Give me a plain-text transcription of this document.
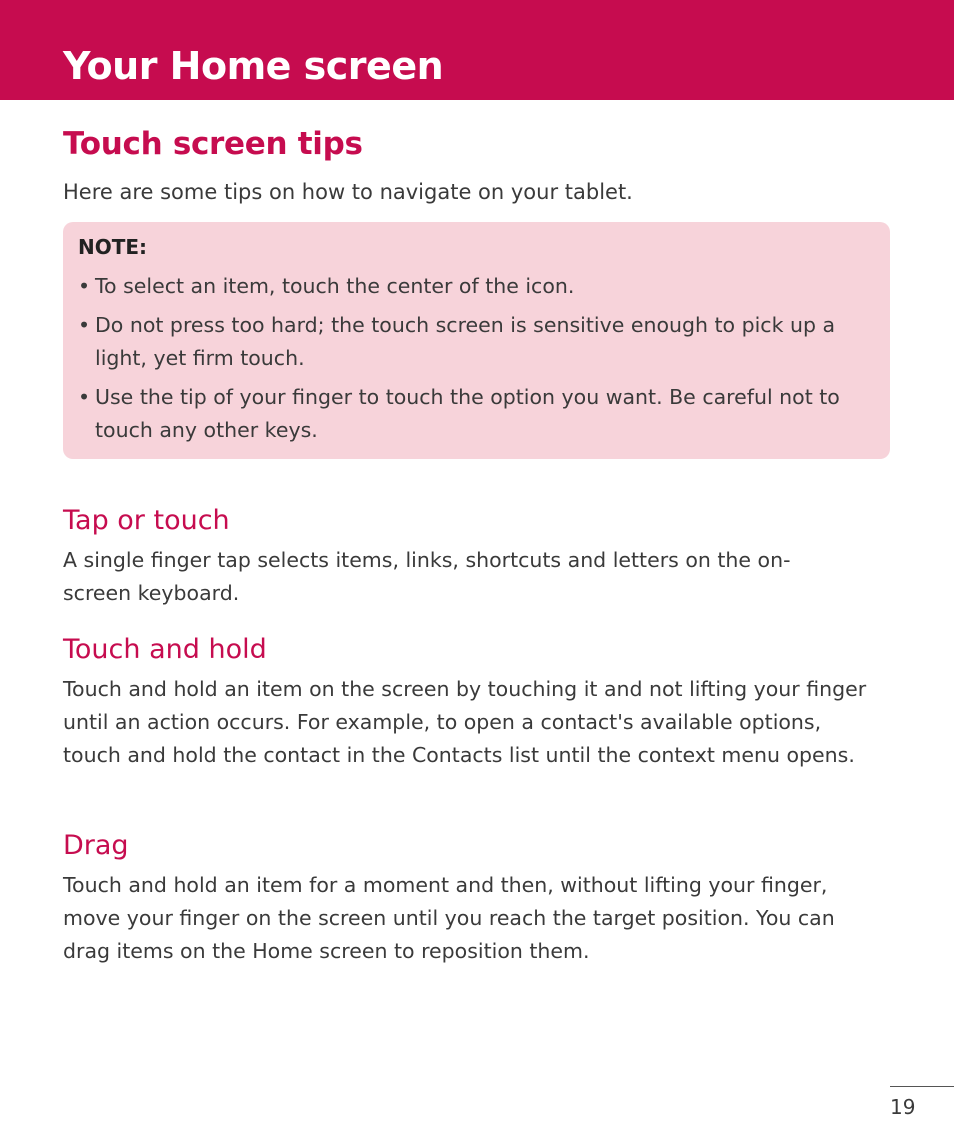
Your Home screen
Touch screen tips

Here are some tips on how to navigate on your tablet.

NOTE:

• To select an item, touch the center of the icon.
• Do not press too hard; the touch screen is sensitive enough to pick up a light, yet firm touch.
• Use the tip of your finger to touch the option you want. Be careful not to touch any other keys.
Tap or touch

A single finger tap selects items, links, shortcuts and letters on the on-screen keyboard.

Touch and hold

Touch and hold an item on the screen by touching it and not lifting your finger until an action occurs. For example, to open a contact's available options, touch and hold the contact in the Contacts list until the context menu opens.

Drag

Touch and hold an item for a moment and then, without lifting your finger, move your finger on the screen until you reach the target position. You can drag items on the Home screen to reposition them.

19
